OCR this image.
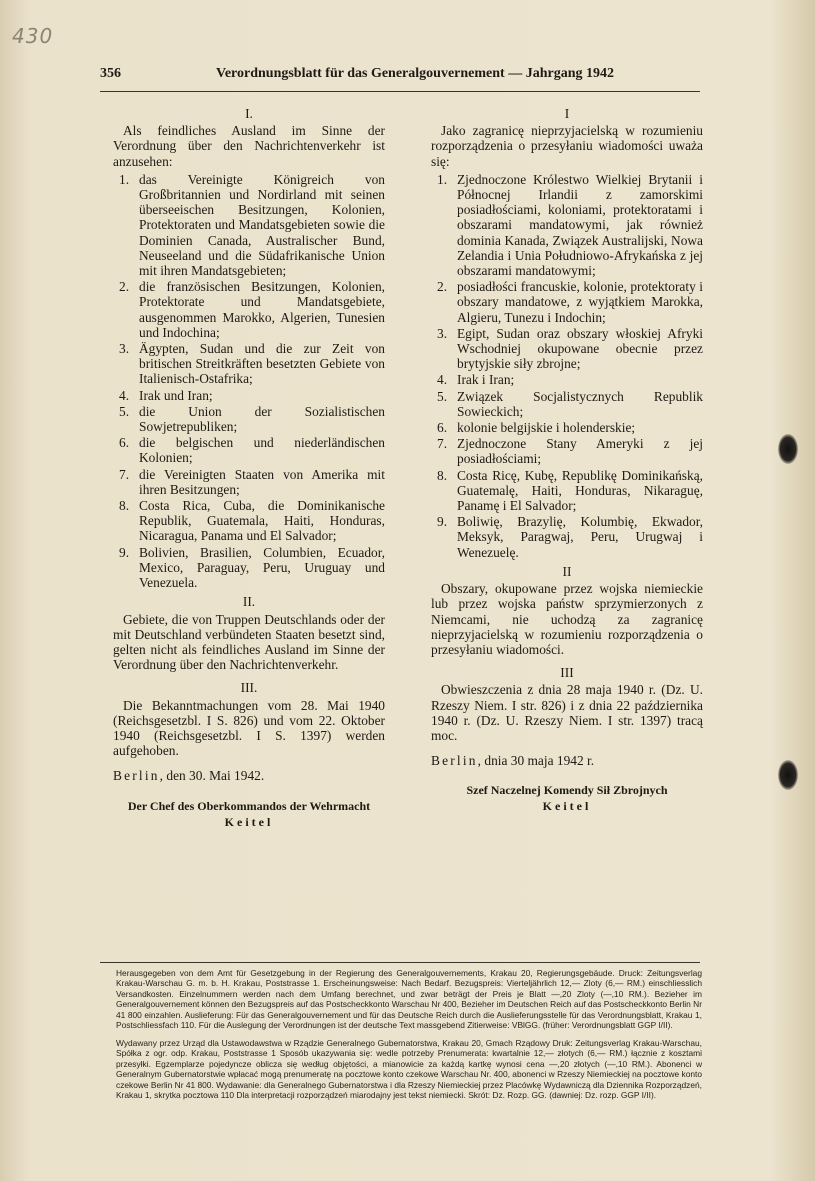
430
356	Verordnungsblatt für das Generalgouvernement — Jahrgang 1942
I.
Als feindliches Ausland im Sinne der Verordnung über den Nachrichtenverkehr ist anzusehen:
1. das Vereinigte Königreich von Großbritannien und Nordirland mit seinen überseeischen Besitzungen, Kolonien, Protektoraten und Mandatsgebieten sowie die Dominien Canada, Australischer Bund, Neuseeland und die Südafrikanische Union mit ihren Mandatsgebieten;
2. die französischen Besitzungen, Kolonien, Protektorate und Mandatsgebiete, ausgenommen Marokko, Algerien, Tunesien und Indochina;
3. Ägypten, Sudan und die zur Zeit von britischen Streitkräften besetzten Gebiete von Italienisch-Ostafrika;
4. Irak und Iran;
5. die Union der Sozialistischen Sowjetrepubliken;
6. die belgischen und niederländischen Kolonien;
7. die Vereinigten Staaten von Amerika mit ihren Besitzungen;
8. Costa Rica, Cuba, die Dominikanische Republik, Guatemala, Haiti, Honduras, Nicaragua, Panama und El Salvador;
9. Bolivien, Brasilien, Columbien, Ecuador, Mexico, Paraguay, Peru, Uruguay und Venezuela.
II.
Gebiete, die von Truppen Deutschlands oder der mit Deutschland verbündeten Staaten besetzt sind, gelten nicht als feindliches Ausland im Sinne der Verordnung über den Nachrichtenverkehr.
III.
Die Bekanntmachungen vom 28. Mai 1940 (Reichsgesetzbl. I S. 826) und vom 22. Oktober 1940 (Reichsgesetzbl. I S. 1397) werden aufgehoben.
Berlin, den 30. Mai 1942.
Der Chef des Oberkommandos der Wehrmacht
Keitel
I
Jako zagranicę nieprzyjacielską w rozumieniu rozporządzenia o przesyłaniu wiadomości uważa się:
1. Zjednoczone Królestwo Wielkiej Brytanii i Północnej Irlandii z zamorskimi posiadłościami, koloniami, protektoratami i obszarami mandatowymi, jak również dominia Kanada, Związek Australijski, Nowa Zelandia i Unia Południowo-Afrykańska z jej obszarami mandatowymi;
2. posiadłości francuskie, kolonie, protektoraty i obszary mandatowe, z wyjątkiem Marokka, Algieru, Tunezu i Indochin;
3. Egipt, Sudan oraz obszary włoskiej Afryki Wschodniej okupowane obecnie przez brytyjskie siły zbrojne;
4. Irak i Iran;
5. Związek Socjalistycznych Republik Sowieckich;
6. kolonie belgijskie i holenderskie;
7. Zjednoczone Stany Ameryki z jej posiadłościami;
8. Costa Ricę, Kubę, Republikę Dominikańską, Guatemalę, Haiti, Honduras, Nikaraguę, Panamę i El Salvador;
9. Boliwię, Brazylię, Kolumbię, Ekwador, Meksyk, Paragwaj, Peru, Urugwaj i Wenezuelę.
II
Obszary, okupowane przez wojska niemieckie lub przez wojska państw sprzymierzonych z Niemcami, nie uchodzą za zagranicę nieprzyjacielską w rozumieniu rozporządzenia o przesyłaniu wiadomości.
III
Obwieszczenia z dnia 28 maja 1940 r. (Dz. U. Rzeszy Niem. I str. 826) i z dnia 22 października 1940 r. (Dz. U. Rzeszy Niem. I str. 1397) tracą moc.
Berlin, dnia 30 maja 1942 r.
Szef Naczelnej Komendy Sił Zbrojnych
Keitel
Herausgegeben von dem Amt für Gesetzgebung in der Regierung des Generalgouvernements, Krakau 20, Regierungsgebäude. Druck: Zeitungsverlag Krakau-Warschau G. m. b. H. Krakau, Poststrasse 1. Erscheinungsweise: Nach Bedarf. Bezugspreis: Vierteljährlich 12,— Zloty (6,— RM.) einschliesslich Versandkosten. Einzelnummern werden nach dem Umfang berechnet, und zwar beträgt der Preis je Blatt —,20 Zloty (—,10 RM.). Bezieher im Generalgouvernement können den Bezugspreis auf das Postscheckkonto Warschau Nr 400, Bezieher im Deutschen Reich auf das Postscheckkonto Berlin Nr 41 800 einzahlen. Auslieferung: Für das Generalgouvernement und für das Deutsche Reich durch die Auslieferungsstelle für das Verordnungsblatt, Krakau 1, Postschliessfach 110. Für die Auslegung der Verordnungen ist der deutsche Text massgebend Zitierweise: VBlGG. (früher: Verordnungsblatt GGP I/II).
Wydawany przez Urząd dla Ustawodawstwa w Rządzie Generalnego Gubernatorstwa, Krakau 20, Gmach Rządowy Druk: Zeitungsverlag Krakau-Warschau, Spółka z ogr. odp. Krakau, Poststrasse 1 Sposób ukazywania się: wedle potrzeby Prenumerata: kwartalnie 12,— złotych (6,— RM.) łącznie z kosztami przesyłki. Egzemplarze pojedyncze oblicza się według objętości, a mianowicie za każdą kartkę wynosi cena —,20 złotych (—,10 RM.). Abonenci w Generalnym Gubernatorstwie wpłacać mogą prenumeratę na pocztowe konto czekowe Warschau Nr. 400, abonenci w Rzeszy Niemieckiej na pocztowe konto czekowe Berlin Nr 41 800. Wydawanie: dla Generalnego Gubernatorstwa i dla Rzeszy Niemieckiej przez Placówkę Wydawniczą dla Dziennika Rozporządzeń, Krakau 1, skrytka pocztowa 110 Dla interpretacji rozporządzeń miarodajny jest tekst niemiecki. Skrót: Dz. Rozp. GG. (dawniej: Dz. rozp. GGP I/II).
